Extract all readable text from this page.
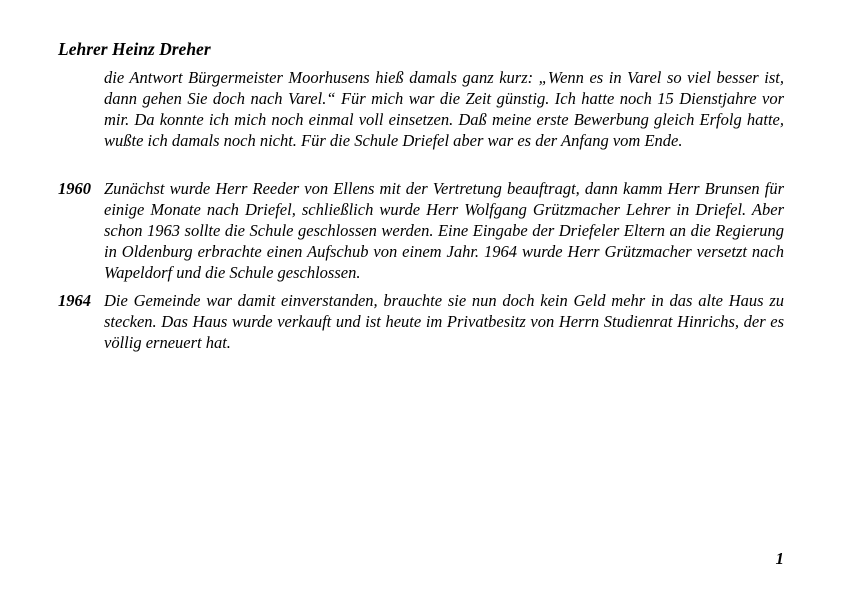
Lehrer Heinz Dreher

die Antwort Bürgermeister Moorhusens hieß damals ganz kurz: „Wenn es in Varel so viel besser ist, dann gehen Sie doch nach Varel.“ Für mich war die Zeit günstig. Ich hatte noch 15 Dienstjahre vor mir. Da konnte ich mich noch einmal voll einsetzen. Daß meine erste Bewerbung gleich Erfolg hatte, wußte ich damals noch nicht. Für die Schule Driefel aber war es der Anfang vom Ende.

1960 Zunächst wurde Herr Reeder von Ellens mit der Vertretung beauftragt, dann kamm Herr Brunsen für einige Monate nach Driefel, schließlich wurde Herr Wolfgang Grützmacher Lehrer in Driefel. Aber schon 1963 sollte die Schule geschlossen werden. Eine Eingabe der Driefeler Eltern an die Regierung in Oldenburg erbrachte einen Aufschub von einem Jahr. 1964 wurde Herr Grützmacher versetzt nach Wapeldorf und die Schule geschlossen.

1964 Die Gemeinde war damit einverstanden, brauchte sie nun doch kein Geld mehr in das alte Haus zu stecken. Das Haus wurde verkauft und ist heute im Privatbesitz von Herrn Studienrat Hinrichs, der es völlig erneuert hat.

1
